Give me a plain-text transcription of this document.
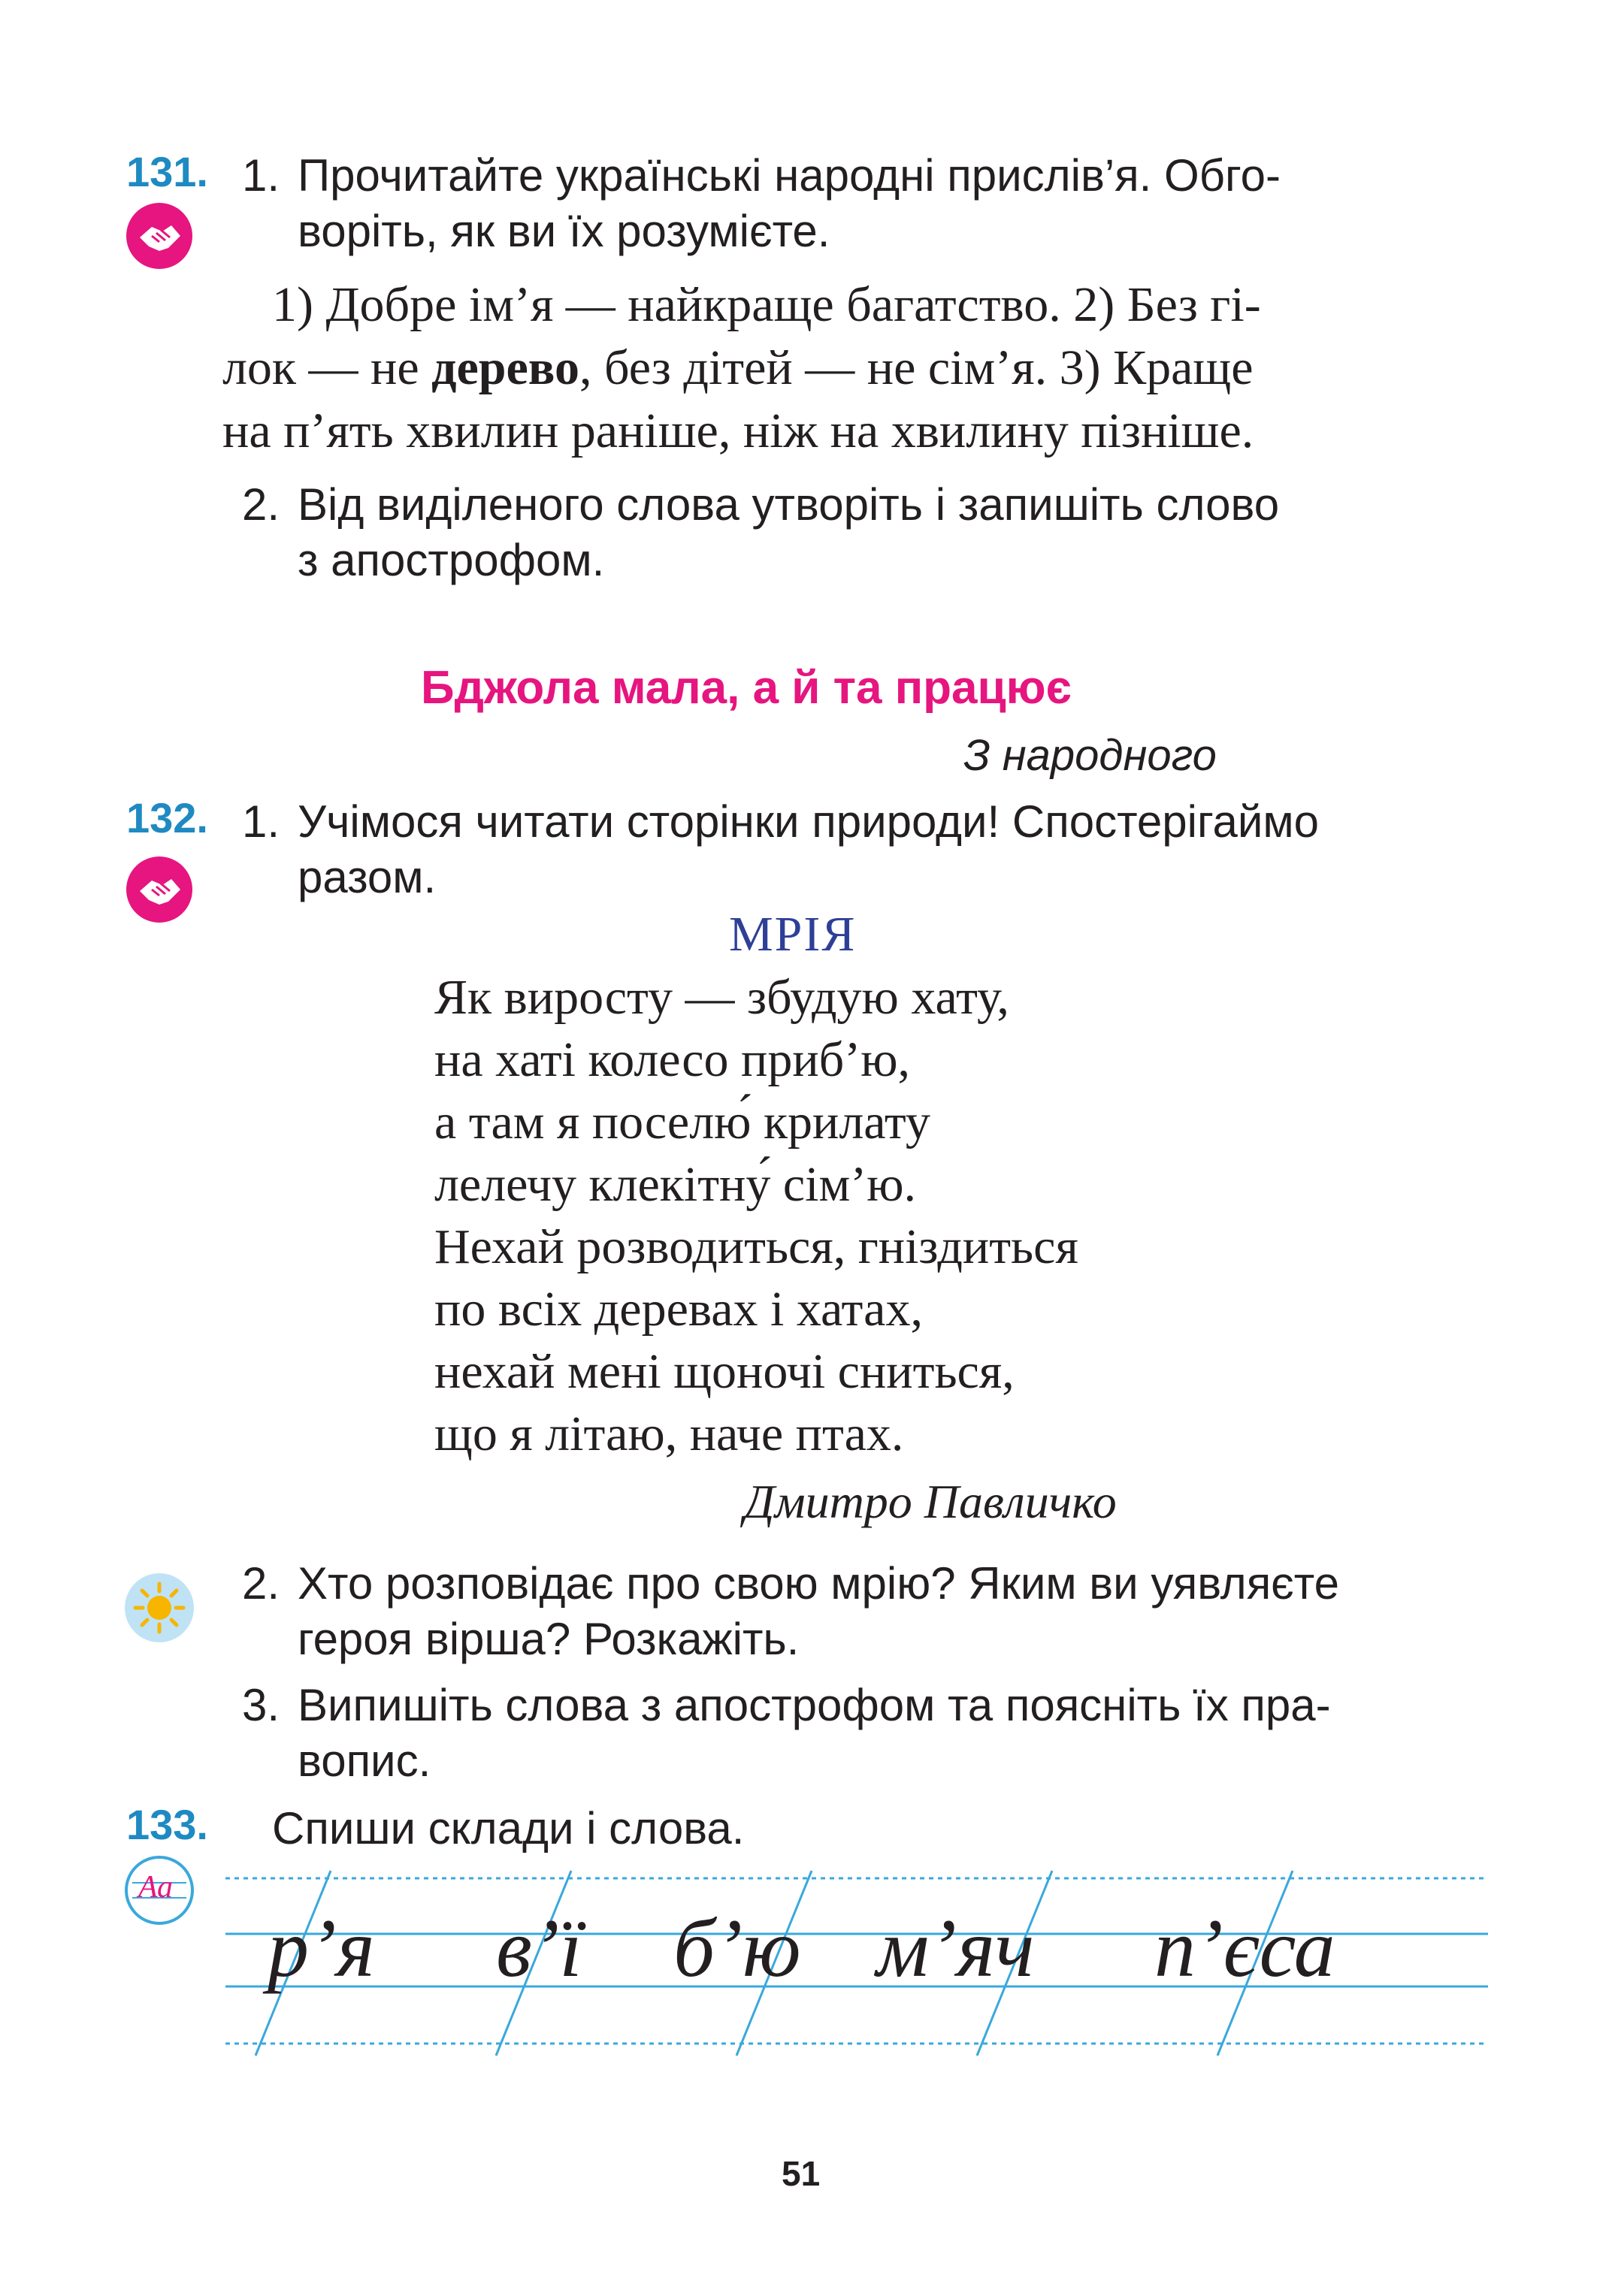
131. 1. Прочитайте українські народні прислів’я. Обго-
воріть, як ви їх розумієте.
1) Добре ім’я — найкраще багатство. 2) Без гі-
лок — не дерево, без дітей — не сім’я. 3) Краще
на п’ять хвилин раніше, ніж на хвилину пізніше.
2. Від виділеного слова утворіть і запишіть слово
з апострофом.
Бджола мала, а й та працює
З народного
132. 1. Учімося читати сторінки природи! Спостерігаймо
разом.
МРІЯ
Як виросту — збудую хату,
на хаті колесо приб’ю,
а там я поселю́ крилату
лелечу клекітну́ сім’ю.
Нехай розводиться, гніздиться
по всіх деревах і хатах,
нехай мені щоночі сниться,
що я літаю, наче птах.
Дмитро Павличко
2. Хто розповідає про свою мрію? Яким ви уявляєте
героя вірша? Розкажіть.
3. Випишіть слова з апострофом та поясніть їх пра-
вопис.
133. Спиши склади і слова.
Аа
р’я в’ї б’ю м’яч п’єса
51
